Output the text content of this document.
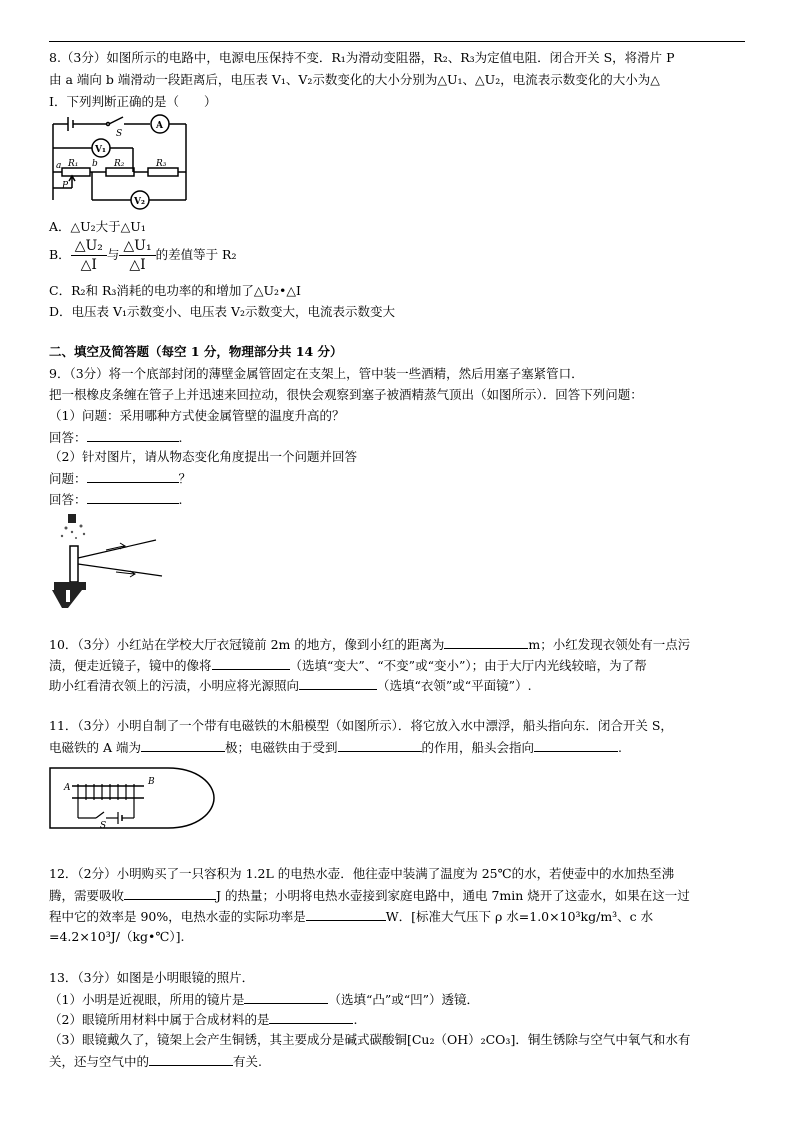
8.（3分）如图所示的电路中，电源电压保持不变．R₁为滑动变阻器，R₂、R₃为定值电阻．闭合开关 S，将滑片 P
由 a 端向 b 端滑动一段距离后，电压表 V₁、V₂示数变化的大小分别为△U₁、△U₂，电流表示数变化的大小为△
I．下列判断正确的是（　　）
S
A
V₁
V₂
R₁	R₂	R₃
a	b
P
A．△U₂大于△U₁
B． $\frac{\text{△U₂}}{\triangle I}$ 与 $\frac{\text{△U₁}}{\triangle I}$ 的差值等于 R₂
C．R₂和 R₃消耗的电功率的和增加了△U₂•△I
D．电压表 V₁示数变小、电压表 V₂示数变大，电流表示数变大
二、填空及简答题（每空 1 分，物理部分共 14 分）
9．（3分）将一个底部封闭的薄壁金属管固定在支架上，管中装一些酒精，然后用塞子塞紧管口．
把一根橡皮条缠在管子上并迅速来回拉动，很快会观察到塞子被酒精蒸气顶出（如图所示）．回答下列问题：
（1）问题：采用哪种方式使金属管壁的温度升高的？
回答：	.
（2）针对图片，请从物态变化角度提出一个问题并回答
问题：	？
回答：	.
10．（3分）小红站在学校大厅衣冠镜前 2m 的地方，像到小红的距离为	m；小红发现衣领处有一点污
渍，便走近镜子，镜中的像将	（选填“变大”、“不变”或“变小”）；由于大厅内光线较暗，为了帮
助小红看清衣领上的污渍，小明应将光源照向	（选填“衣领”或“平面镜”）.
11．（3分）小明自制了一个带有电磁铁的木船模型（如图所示）．将它放入水中漂浮，船头指向东．闭合开关 S，
电磁铁的 A 端为	极；电磁铁由于受到	的作用，船头会指向	.
A
B
S
12．（2分）小明购买了一只容积为 1.2L 的电热水壶．他往壶中装满了温度为 25℃的水，若使壶中的水加热至沸
腾，需要吸收	J 的热量；小明将电热水壶接到家庭电路中，通电 7min 烧开了这壶水，如果在这一过
程中它的效率是 90%，电热水壶的实际功率是	W．[标准大气压下 ρ 水=1.0×10³kg/m³、c 水
=4.2×10³J/（kg•℃）].
13．（3分）如图是小明眼镜的照片．
（1）小明是近视眼，所用的镜片是	（选填“凸”或“凹”）透镜．
（2）眼镜所用材料中属于合成材料的是	.
（3）眼镜戴久了，镜架上会产生铜锈，其主要成分是碱式碳酸铜[Cu₂（OH）₂CO₃]．铜生锈除与空气中氧气和水有
关，还与空气中的	有关.
